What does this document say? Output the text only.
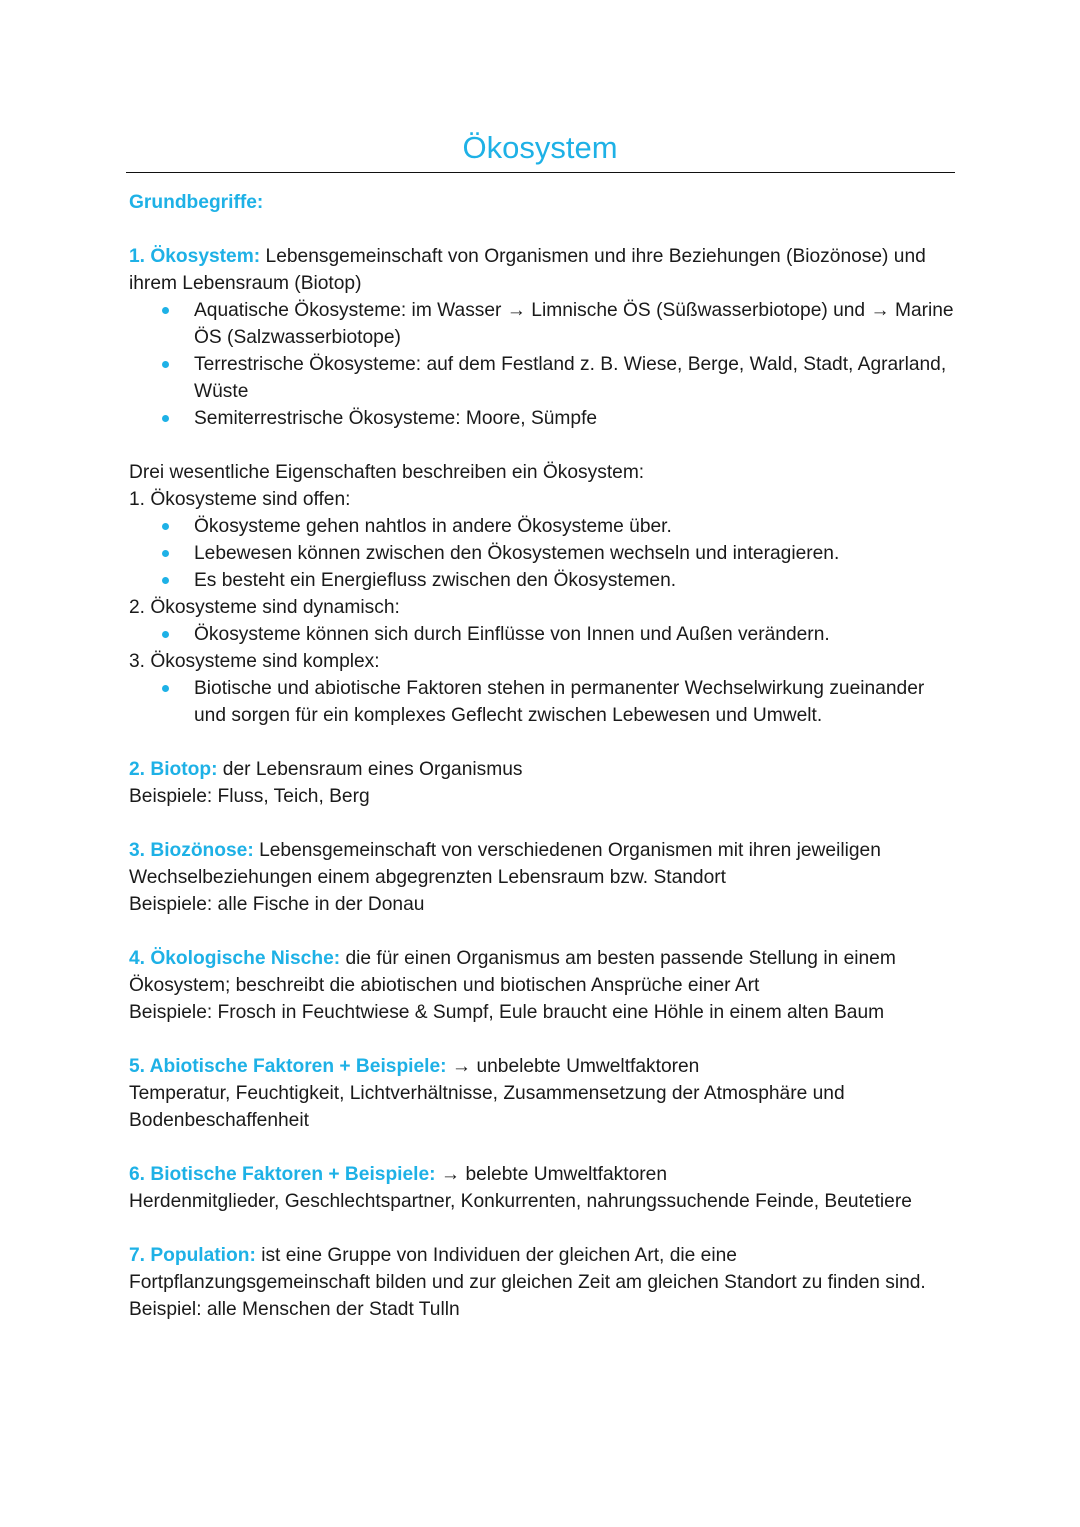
Ökosystem

Grundbegriffe:

1. Ökosystem: Lebensgemeinschaft von Organismen und ihre Beziehungen (Biozönose) und ihrem Lebensraum (Biotop)

Aquatische Ökosysteme: im Wasser → Limnische ÖS (Süßwasserbiotope) und → Marine ÖS (Salzwasserbiotope)
Terrestrische Ökosysteme: auf dem Festland z. B. Wiese, Berge, Wald, Stadt, Agrarland, Wüste
Semiterrestrische Ökosysteme: Moore, Sümpfe

Drei wesentliche Eigenschaften beschreiben ein Ökosystem:

1. Ökosysteme sind offen:

Ökosysteme gehen nahtlos in andere Ökosysteme über.
Lebewesen können zwischen den Ökosystemen wechseln und interagieren.
Es besteht ein Energiefluss zwischen den Ökosystemen.

2. Ökosysteme sind dynamisch:

Ökosysteme können sich durch Einflüsse von Innen und Außen verändern.

3. Ökosysteme sind komplex:

Biotische und abiotische Faktoren stehen in permanenter Wechselwirkung zueinander und sorgen für ein komplexes Geflecht zwischen Lebewesen und Umwelt.

2. Biotop: der Lebensraum eines Organismus

Beispiele: Fluss, Teich, Berg

3. Biozönose: Lebensgemeinschaft von verschiedenen Organismen mit ihren jeweiligen Wechselbeziehungen einem abgegrenzten Lebensraum bzw. Standort

Beispiele: alle Fische in der Donau

4. Ökologische Nische: die für einen Organismus am besten passende Stellung in einem Ökosystem; beschreibt die abiotischen und biotischen Ansprüche einer Art

Beispiele: Frosch in Feuchtwiese & Sumpf, Eule braucht eine Höhle in einem alten Baum

5. Abiotische Faktoren + Beispiele: → unbelebte Umweltfaktoren

Temperatur, Feuchtigkeit, Lichtverhältnisse, Zusammensetzung der Atmosphäre und Bodenbeschaffenheit

6. Biotische Faktoren + Beispiele: → belebte Umweltfaktoren

Herdenmitglieder, Geschlechtspartner, Konkurrenten, nahrungssuchende Feinde, Beutetiere

7. Population: ist eine Gruppe von Individuen der gleichen Art, die eine Fortpflanzungsgemeinschaft bilden und zur gleichen Zeit am gleichen Standort zu finden sind.

Beispiel: alle Menschen der Stadt Tulln
